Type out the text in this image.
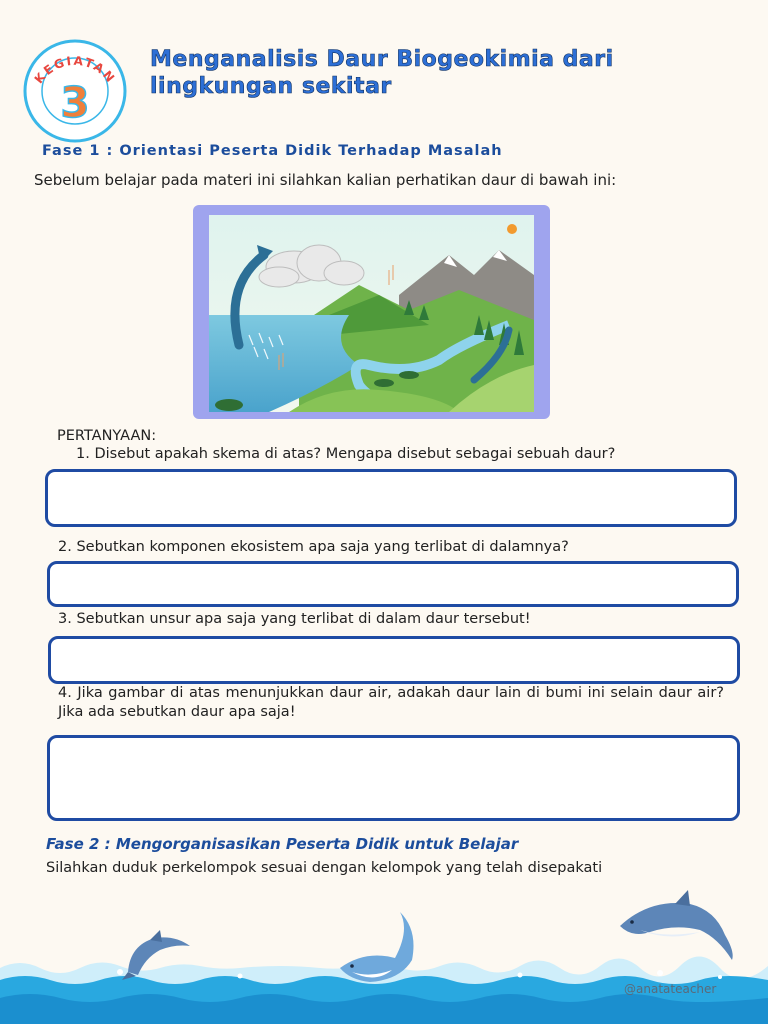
KEGIATAN
3
Menganalisis Daur Biogeokimia dari lingkungan sekitar
Fase 1 : Orientasi Peserta Didik Terhadap Masalah
Sebelum belajar pada materi ini silahkan kalian perhatikan daur di bawah ini:
PERTANYAAN:
1. Disebut apakah skema di atas? Mengapa disebut sebagai sebuah daur?
2. Sebutkan komponen ekosistem apa saja yang terlibat di dalamnya?
3. Sebutkan unsur apa saja yang terlibat di dalam daur tersebut!
4. Jika gambar di atas menunjukkan daur air, adakah daur lain di bumi ini selain daur air? Jika ada sebutkan daur apa saja!
Fase 2 : Mengorganisasikan Peserta Didik untuk Belajar
Silahkan duduk perkelompok sesuai dengan kelompok yang telah disepakati
@anatateacher
